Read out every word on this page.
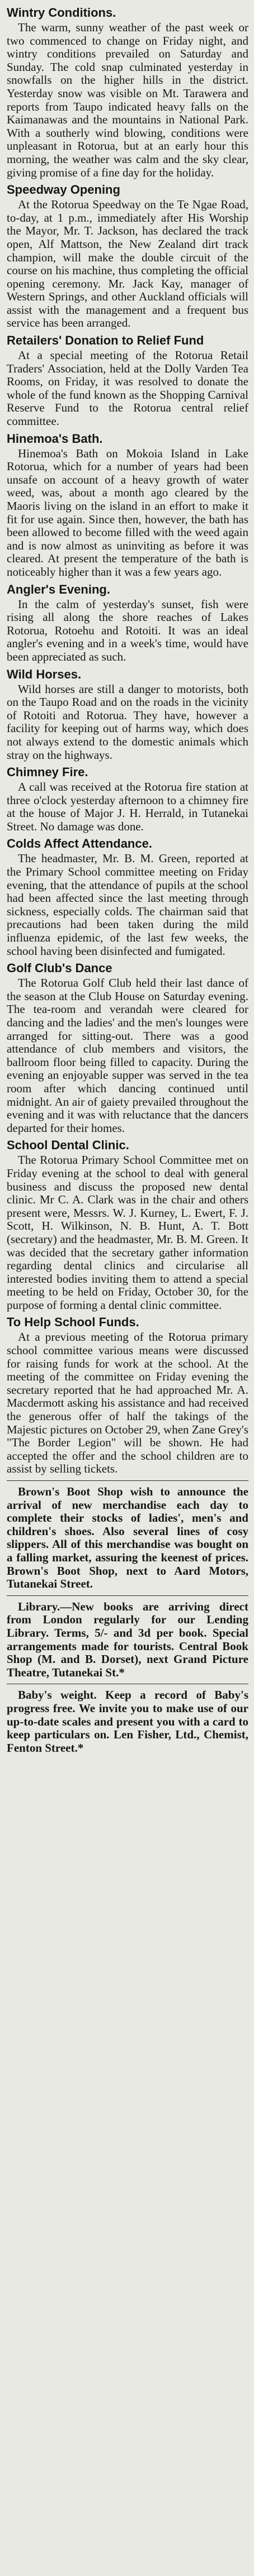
Wintry Conditions.

The warm, sunny weather of the past week or two commenced to change on Friday night, and wintry conditions prevailed on Saturday and Sunday. The cold snap culminated yesterday in snowfalls on the higher hills in the district. Yesterday snow was visible on Mt. Tarawera and reports from Taupo indicated heavy falls on the Kaimanawas and the mountains in National Park. With a southerly wind blowing, conditions were unpleasant in Rotorua, but at an early hour this morning, the weather was calm and the sky clear, giving promise of a fine day for the holiday.

Speedway Opening

At the Rotorua Speedway on the Te Ngae Road, to-day, at 1 p.m., immediately after His Worship the Mayor, Mr. T. Jackson, has declared the track open, Alf Mattson, the New Zealand dirt track champion, will make the double circuit of the course on his machine, thus completing the official opening ceremony. Mr. Jack Kay, manager of Western Springs, and other Auckland officials will assist with the management and a frequent bus service has been arranged.

Retailers' Donation to Relief Fund

At a special meeting of the Rotorua Retail Traders' Association, held at the Dolly Varden Tea Rooms, on Friday, it was resolved to donate the whole of the fund known as the Shopping Carnival Reserve Fund to the Rotorua central relief committee.

Hinemoa's Bath.

Hinemoa's Bath on Mokoia Island in Lake Rotorua, which for a number of years had been unsafe on account of a heavy growth of water weed, was, about a month ago cleared by the Maoris living on the island in an effort to make it fit for use again. Since then, however, the bath has been allowed to become filled with the weed again and is now almost as uninviting as before it was cleared. At present the temperature of the bath is noticeably higher than it was a few years ago.

Angler's Evening.

In the calm of yesterday's sunset, fish were rising all along the shore reaches of Lakes Rotorua, Rotoehu and Rotoiti. It was an ideal angler's evening and in a week's time, would have been appreciated as such.

Wild Horses.

Wild horses are still a danger to motorists, both on the Taupo Road and on the roads in the vicinity of Rotoiti and Rotorua. They have, however a facility for keeping out of harms way, which does not always extend to the domestic animals which stray on the highways.

Chimney Fire.

A call was received at the Rotorua fire station at three o'clock yesterday afternoon to a chimney fire at the house of Major J. H. Herrald, in Tutanekai Street. No damage was done.

Colds Affect Attendance.

The headmaster, Mr. B. M. Green, reported at the Primary School committee meeting on Friday evening, that the attendance of pupils at the school had been affected since the last meeting through sickness, especially colds. The chairman said that precautions had been taken during the mild influenza epidemic, of the last few weeks, the school having been disinfected and fumigated.

Golf Club's Dance

The Rotorua Golf Club held their last dance of the season at the Club House on Saturday evening. The tea-room and verandah were cleared for dancing and the ladies' and the men's lounges were arranged for sitting-out. There was a good attendance of club members and visitors, the ballroom floor being filled to capacity. During the evening an enjoyable supper was served in the tea room after which dancing continued until midnight. An air of gaiety prevailed throughout the evening and it was with reluctance that the dancers departed for their homes.

School Dental Clinic.

The Rotorua Primary School Committee met on Friday evening at the school to deal with general business and discuss the proposed new dental clinic. Mr C. A. Clark was in the chair and others present were, Messrs. W. J. Kurney, L. Ewert, F. J. Scott, H. Wilkinson, N. B. Hunt, A. T. Bott (secretary) and the headmaster, Mr. B. M. Green. It was decided that the secretary gather information regarding dental clinics and circularise all interested bodies inviting them to attend a special meeting to be held on Friday, October 30, for the purpose of forming a dental clinic committee.

To Help School Funds.

At a previous meeting of the Rotorua primary school committee various means were discussed for raising funds for work at the school. At the meeting of the committee on Friday evening the secretary reported that he had approached Mr. A. Macdermott asking his assistance and had received the generous offer of half the takings of the Majestic pictures on October 29, when Zane Grey's "The Border Legion" will be shown. He had accepted the offer and the school children are to assist by selling tickets.

Brown's Boot Shop wish to announce the arrival of new merchandise each day to complete their stocks of ladies', men's and children's shoes. Also several lines of cosy slippers. All of this merchandise was bought on a falling market, assuring the keenest of prices. Brown's Boot Shop, next to Aard Motors, Tutanekai Street.

Library.—New books are arriving direct from London regularly for our Lending Library. Terms, 5/- and 3d per book. Special arrangements made for tourists. Central Book Shop (M. and B. Dorset), next Grand Picture Theatre, Tutanekai St.*

Baby's weight. Keep a record of Baby's progress free. We invite you to make use of our up-to-date scales and present you with a card to keep particulars on. Len Fisher, Ltd., Chemist, Fenton Street.*
